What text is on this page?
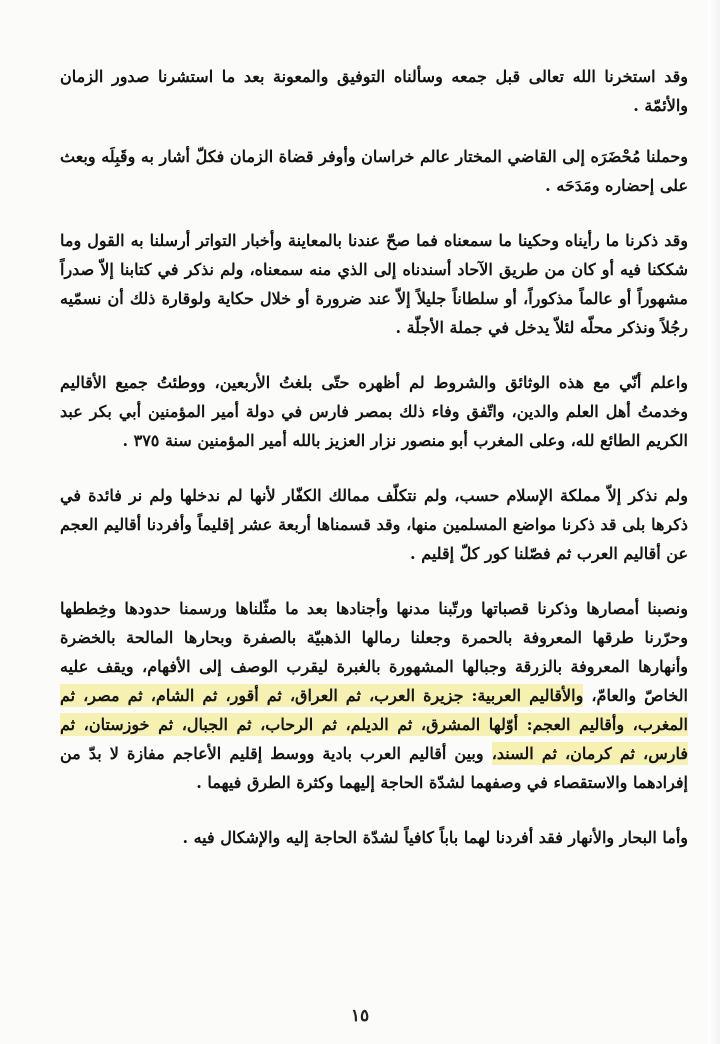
وقد استخرنا الله تعالى قبل جمعه وسألناه التوفيق والمعونة بعد ما استشرنا صدور الزمان والأئمّة .

وحملنا مُحْضَرَه إلى القاضي المختار عالم خراسان وأوفر قضاة الزمان فكلّ أشار به وقَبِلَه وبعث على إحضاره ومَدَحَه .

وقد ذكرنا ما رأيناه وحكينا ما سمعناه فما صحّ عندنا بالمعاينة وأخبار التواتر أرسلنا به القول وما شككنا فيه أو كان من طريق الآحاد أسندناه إلى الذي منه سمعناه، ولم نذكر في كتابنا إلاّ صدراً مشهوراً أو عالماً مذكوراً، أو سلطاناً جليلاً إلاّ عند ضرورة أو خلال حكاية ولوقارة ذلك أن نسمّيه رجُلاً ونذكر محلّه لئلاّ يدخل في جملة الأجلّة .

واعلم أنّي مع هذه الوثائق والشروط لم أظهره حتّى بلغتُ الأربعين، ووطئتُ جميع الأقاليم وخدمتُ أهل العلم والدين، واتّفق وفاء ذلك بمصر فارس في دولة أمير المؤمنين أبي بكر عبد الكريم الطائع لله، وعلى المغرب أبو منصور نزار العزيز بالله أمير المؤمنين سنة ٣٧٥ .

ولم نذكر إلاّ مملكة الإسلام حسب، ولم نتكلّف ممالك الكفّار لأنها لم ندخلها ولم نر فائدة في ذكرها بلى قد ذكرنا مواضع المسلمين منها، وقد قسمناها أربعة عشر إقليماً وأفردنا أقاليم العجم عن أقاليم العرب ثم فصّلنا كور كلّ إقليم .

ونصبنا أمصارها وذكرنا قصباتها ورتّبنا مدنها وأجنادها بعد ما مثّلناها ورسمنا حدودها وخِططها وحرّرنا طرقها المعروفة بالحمرة وجعلنا رمالها الذهبيّة بالصفرة وبحارها المالحة بالخضرة وأنهارها المعروفة بالزرقة وجبالها المشهورة بالغبرة ليقرب الوصف إلى الأفهام، ويقف عليه الخاصّ والعامّ، والأقاليم العربية: جزيرة العرب، ثم العراق، ثم أقور، ثم الشام، ثم مصر، ثم المغرب، وأقاليم العجم: أوّلها المشرق، ثم الديلم، ثم الرحاب، ثم الجبال، ثم خوزستان، ثم فارس، ثم كرمان، ثم السند، وبين أقاليم العرب بادية ووسط إقليم الأعاجم مفازة لا بدّ من إفرادهما والاستقصاء في وصفهما لشدّة الحاجة إليهما وكثرة الطرق فيهما .

وأما البحار والأنهار فقد أفردنا لهما باباً كافياً لشدّة الحاجة إليه والإشكال فيه .

١٥
